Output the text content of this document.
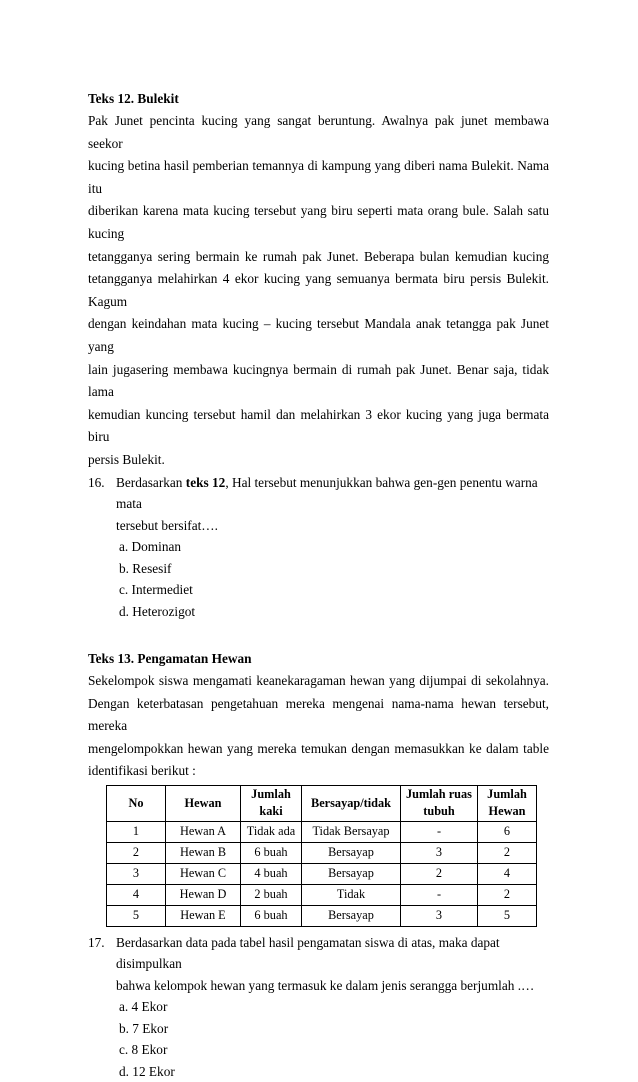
Teks 12. Bulekit

Pak Junet pencinta kucing yang sangat beruntung. Awalnya pak junet membawa seekor

kucing betina hasil pemberian temannya di kampung yang diberi nama Bulekit. Nama itu

diberikan karena mata kucing tersebut yang biru seperti mata orang bule. Salah satu kucing

tetangganya sering bermain ke rumah pak Junet. Beberapa bulan kemudian kucing

tetangganya melahirkan 4 ekor kucing yang semuanya bermata biru persis Bulekit. Kagum

dengan keindahan mata kucing – kucing tersebut Mandala anak tetangga pak Junet yang

lain jugasering membawa kucingnya bermain di rumah pak Junet. Benar saja, tidak lama

kemudian kuncing tersebut hamil dan melahirkan 3 ekor kucing yang juga bermata biru

persis Bulekit.

16. Berdasarkan teks 12, Hal tersebut menunjukkan bahwa gen-gen penentu warna mata

tersebut bersifat….

a. Dominan

b. Resesif

c. Intermediet

d. Heterozigot

Teks 13. Pengamatan Hewan

Sekelompok siswa mengamati keanekaragaman hewan yang dijumpai di sekolahnya.

Dengan keterbatasan pengetahuan mereka mengenai nama-nama hewan tersebut, mereka

mengelompokkan hewan yang mereka temukan dengan memasukkan ke dalam table

identifikasi berikut :

No	Hewan	Jumlah kaki	Bersayap/tidak	Jumlah ruas tubuh	Jumlah Hewan
1	Hewan A	Tidak ada	Tidak Bersayap	-	6
2	Hewan B	6 buah	Bersayap	3	2
3	Hewan C	4 buah	Bersayap	2	4
4	Hewan D	2 buah	Tidak	-	2
5	Hewan E	6 buah	Bersayap	3	5

17. Berdasarkan data pada tabel hasil pengamatan siswa di atas, maka dapat disimpulkan

bahwa kelompok hewan yang termasuk ke dalam jenis serangga berjumlah .…

a. 4 Ekor

b. 7 Ekor

c. 8 Ekor

d. 12 Ekor
